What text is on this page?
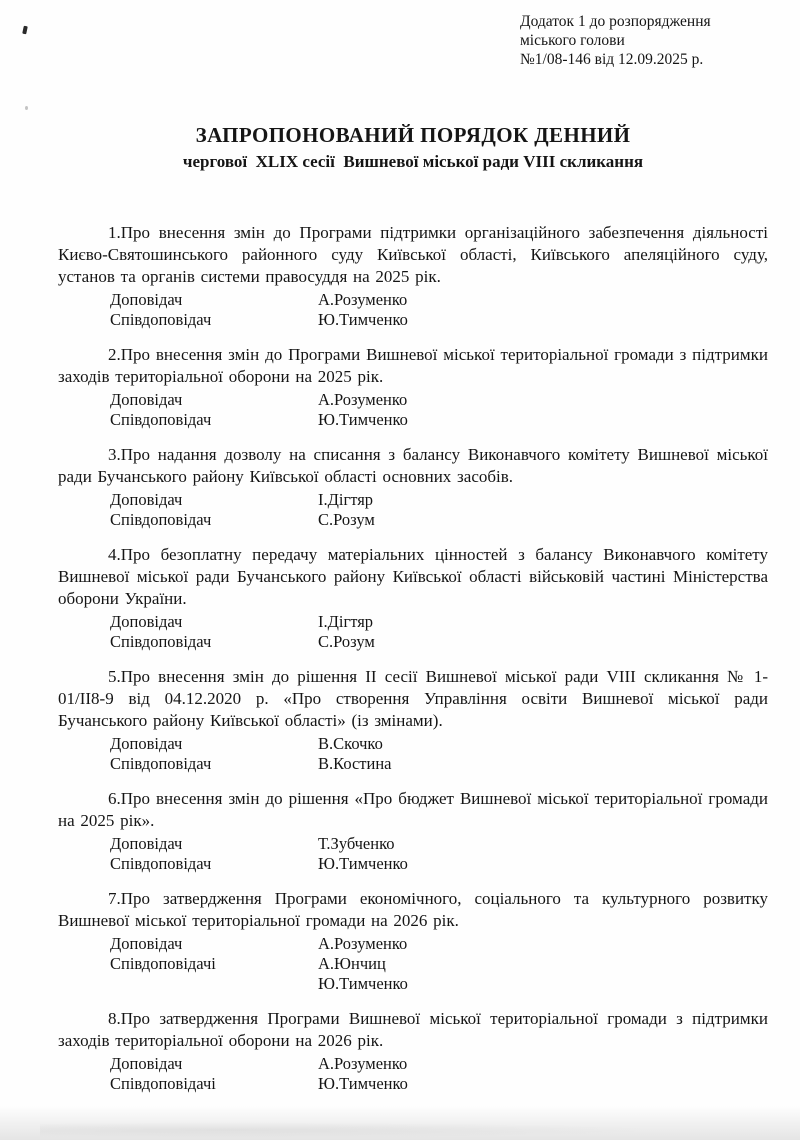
Додаток 1 до розпорядження
міського голови
№1/08-146 від 12.09.2025 р.
ЗАПРОПОНОВАНИЙ ПОРЯДОК ДЕННИЙ
чергової  XLIX сесії  Вишневої міської ради VIII скликання

1.Про внесення змін до Програми підтримки організаційного забезпечення діяльності Києво-Святошинського районного суду Київської області, Київського апеляційного суду, установ та органів системи правосуддя на 2025 рік.

Доповідач	А.Розуменко
Співдоповідач	Ю.Тимченко

2.Про внесення змін до Програми Вишневої міської територіальної громади з підтримки заходів територіальної оборони на 2025 рік.

Доповідач	А.Розуменко
Співдоповідач	Ю.Тимченко

3.Про надання дозволу на списання з балансу Виконавчого комітету Вишневої міської ради Бучанського району Київської області основних засобів.

Доповідач	І.Дігтяр
Співдоповідач	С.Розум

4.Про безоплатну передачу матеріальних цінностей з балансу Виконавчого комітету Вишневої міської ради Бучанського району Київської області військовій частині Міністерства оборони України.

Доповідач	І.Дігтяр
Співдоповідач	С.Розум

5.Про внесення змін до рішення II сесії Вишневої міської ради VIII скликання № 1-01/II8-9 від 04.12.2020 р. «Про створення Управління освіти Вишневої міської ради Бучанського району Київської області» (із змінами).

Доповідач	В.Скочко
Співдоповідач	В.Костина

6.Про внесення змін до рішення «Про бюджет Вишневої міської територіальної громади на 2025 рік».

Доповідач	Т.Зубченко
Співдоповідач	Ю.Тимченко

7.Про затвердження Програми економічного, соціального та культурного розвитку Вишневої міської територіальної громади на 2026 рік.

Доповідач	А.Розуменко
Співдоповідачі	А.Юнчиц
Ю.Тимченко

8.Про затвердження Програми Вишневої міської територіальної громади з підтримки заходів територіальної оборони на 2026 рік.

Доповідач	А.Розуменко
Співдоповідачі	Ю.Тимченко
